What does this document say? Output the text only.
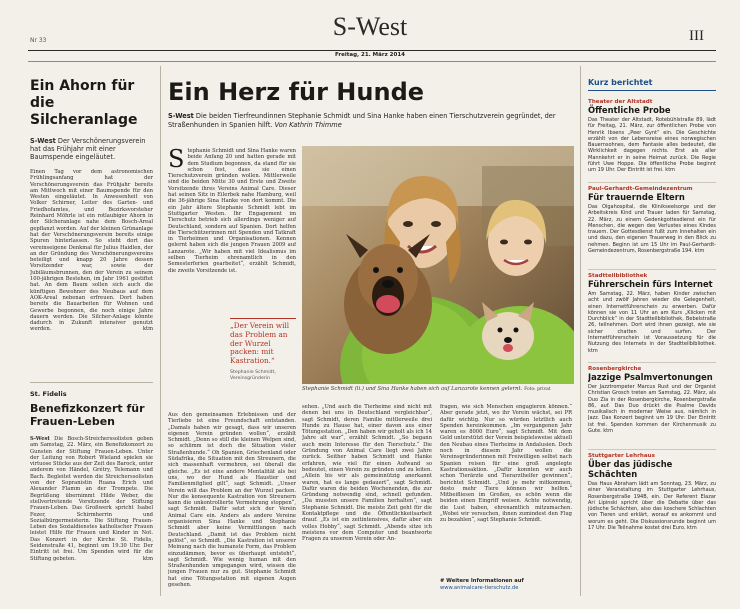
Nr 33	S-West	III
Freitag, 21. März 2014
Ein Ahorn für
die Silcheranlage
S-West Der Verschönerungsverein hat das Frühjahr mit einer Baumspende eingeläutet.
Einen Tag vor dem astronomischen Frühlingsanfang hat der Verschönerungsverein das Frühjahr bereits am Mittwoch mit einer Baumspende für den Westen eingeläutet. In Anwesenheit von Volker Schirner, Leiter des Garten- und Friedhofamtes, und Bezirksvorsteher Reinhard Möhrle ist ein rotlaubiger Ahorn in der Silcheranlage nahe dem Bosch-Areal gepflanzt worden. Auf der kleinen Grünanlage hat der Verschönerungsverein bereits einige Spuren hinterlassen. So steht dort das vereinseigene Denkmal für Julius Haidlen, der an der Gründung des Verschönerungsvereins beteiligt und knapp 20 Jahre dessen Vorsitzender war, sowie der Jubiläumsbrunnen, den der Verein zu seinem 100-jährigen Bestehen, im Jahr 1961 gestiftet hat. An dem Baum sollen sich auch die künftigen Bewohner des Neubaus auf dem AOK-Areal nebenan erfreuen. Dort haben bereits die Bauarbeiten für Wohnen und Gewerbe begonnen, die noch einige Jahre dauern werden. Die Silcher-Anlage könnte dadurch in Zukunft intensiver genutzt werden.	ktm
St. Fidelis
Benefizkonzert für
Frauen-Leben
S-West Die Bosch-Streicherssolisten geben am Samstag, 22. März, ein Benefizkonzert zu Gunsten der Stiftung Frauen-Leben. Unter der Leitung von Robert Wieland spielen sie virtuose Stücke aus der Zeit des Barock, unter anderem von Händel, Grétry, Telemann und Bach. Begleitet werden die Streicherssolisten von der Sopranistin Ruana Erich und Alexander Flamm an der Trompete. Die Begrüßung übernimmt Hilde Weber, die stellvertretende Vorsitzende der Stiftung Frauen-Leben. Das Großwerk spricht Isabel Fezer, Schirmherrin und Sozialbürgermeisterin. Die Stiftung Frauen-Leben des Sozialdienstes katholischer Frauen leistet Hilfe für Frauen und Kinder in Not. Das Konzert in der Kirche St. Fidelis, Seidenstraße 41, beginnt um 19.30 Uhr. Der Eintritt ist frei. Um Spenden wird für die Stiftung gebeten.	ktm
Ein Herz für Hunde
S-West Die beiden Tierfreundinnen Stephanie Schmidt und Sina Hanke haben einen Tierschutzverein gegründet, der Straßenhunden in Spanien hilft. Von Kathrin Thimme
S tephanie Schmidt und Sina Hanke waren beide Anfang 20 und hatten gerade mit dem Studium begonnen, da stand für sie schon fest, dass sie einen Tierschutzverein gründen wollen. Mittlerweile sind die beiden Mitte 30 und Erste und Zweite Vorsitzende ihres Vereins Animal Care. Dieser hat seinen Sitz in Eilerbek nahe Hamburg, weil die 36-jährige Sina Hanke von dort kommt. Die ein Jahr ältere Stephanie Schmidt lebt im Stuttgarter Westen. Ihr Engagement im Tierschutz betrieb sich allerdings weniger auf Deutschland, sondern auf Spanien. Dort helfen die Tierschützerinnen mit Spenden und Tatkraft in Tierheimen und Organisationen. Kennen gelernt haben sich die jungen Frauen 2009 auf Lanzarote. „Wir haben mit viel Idealismus im selben Tierheim ehrenamtlich in den Semesterferien gearbeitet“, erzählt Schmidt, die zweite Vorsitzende ist.
Stephanie Schmidt (li.) und Sina Hanke haben sich auf Lanzarote kennen gelernt. Foto: privat
„Der Verein will das Problem an der Wurzel packen: mit Kastration.“
Stephanie Schmidt, Vereinsgründerin
Aus den gemeinsamen Erlebnissen und der Tierliebe ist eine Freundschaft entstanden. „Damals haben wir gesagt, dass wir unseren eigenen Verein gründen wollen“, erzählt Schmidt. „Denn so still die kleinen Welpen sind, so schlimm ist doch die Situation vieler Straßenhunde.“ Oh Spanien, Griechenland oder Südafrika, die Situation mit den Streunern, die sich massenhaft vermehren, sei überall die gleiche. „Es ist eine andere Mentalität als bei uns, wo der Hund als Haustier und Familienmitglied gilt“, sagt Schmidt. „Unser Verein will das Problem an der Wurzel packen. Nur die konsequente Kastration von Streunern kann die unkontrollierte Vermehrung stoppen“, sagt Schmidt. Dafür setzt sich der Verein Animal Care ein. Anders als andere Vereine organisieren Sina Hanke und Stephanie Schmidt aber keine Vermittlungen nach Deutschland. „Damit ist das Problem nicht gelöst“, so Schmidt. „Die Kastration ist unserer Meinung nach die humanste Form, das Problem einzudämmen, bevor es überhaupt entsteht“, sagt Schmidt. Wie wenig human mit den Straßenhunden umgegangen wird, wissen die jungen Frauen nur zu gut. Stephanie Schmidt hat eine Tötungsstation mit eigenen Augen gesehen.
sehen. „Und auch die Tierheime sind nicht mit denen bei uns in Deutschland vergleichbar“, sagt Schmidt, deren Familie mittlerweile drei Hunde zu Hause hat, einer davon aus einer Tötungsstation. „Den haben wir geholt als ich 14 Jahre alt war“, erzählt Schmidt. „So begann auch mein Interesse für den Tierschutz.“ Die Gründung von Animal Care liegt zwei Jahre zurück. Seither haben Schmidt und Hanke erfahren, wie viel für einen Aufwand so bedeutet, einen Verein zu gründen und zu leiten. „Allein bis wir als gemeinnützig anerkannt waren, hat es lange gedauert“, sagt Schmidt. Dafür waren die beiden Wochenenden, die zur Gründung notwendig sind, schnell gefunden. „Da mussten unsere Familien herhalten“, sagt Stephanie Schmidt. Die meiste Zeit geht für die Kontaktpflege und die Öffentlichkeitsarbeit drauf. „Es ist ein zeitintensives, dafür aber ein volles Hobby“, sagt Schmidt. „Abends sitze ich meistens vor dem Computer und beantworte Fragen zu unserem Verein oder An-
fragen, wie sich Menschen engagieren können.“ Aber gerade jetzt, wo ihr Verein wächst, sei PR dafür wichtig. Nur so würden letztlich auch Spenden hereinkommen. „Im vergangenen Jahr waren es 8000 Euro“, sagt Schmidt. Mit dem Geld unterstützt der Verein beispielsweise aktuell den Neubau eines Tierheims in Andalusien. Doch noch in diesem Jahr wollen die Vereinsgründerinnen mit Freiwilligen selbst nach Spanien reisen für eine groß angelegte Kastrationsaktion. „Dafür konnten wir auch schon Tierärzte und Tierarzthelfer gewinnen“, berichtet Schmidt. „Und je mehr mitkommen, desto mehr Tiere können wir helfen.“ Mitbeifliesen im Großen, es schön wenn die beiden einen Eingriff weisen. Achte notwendig, die Lust haben, ehrenamtlich mitzumachen. „Wobei wir versuchen, ihnen zumindest den Flug zu bezahlen“, sagt Stephanie Schmidt.
# Weitere Informationen auf
www.animalcare-tierschutz.de
Kurz berichtet
Theater der Altstadt
Öffentliche Probe
Das Theater der Altstadt, Rotebühlstraße 89, lädt für Freitag, 21. März, zur öffentlichen Probe von Henrik Ibsens „Peer Gynt“ ein. Die Geschichte erzählt von der Lebensreise eines norwegischen Bauernsohnes, dem Fantasie alles bedeutet, die Wirklichkeit dagegen nichts. Erst als aller Mannkehrt er in seine Heimat zurück. Die Regie führt Uwe Hoppe. Die öffentliche Probe beginnt um 19 Uhr. Der Eintritt ist frei. ktm
Paul-Gerhardt-Gemeindezentrum
Für trauernde Eltern
Das Olgahospital, die Klinikseelsorge und der Arbeitskreis Kind und Trauer laden für Samstag, 22. März, zu einem Gedenkgottesdienst ein für Menschen, die wegen des Verlustes eines Kindes trauern. Der Gottesdienst fußt zum Innehalten ein und dazu, den eigenen Trauerweg in den Blick zu nehmen. Beginn ist um 15 Uhr im Paul-Gerhardt-Gemeindezentrum, Rosenbergstraße 194. ktm
Stadtteilbibliothek
Führerschein fürs Internet
Am Samstag, 22. März, haben Kinder zwischen acht und zwölf Jahren wieder die Gelegenheit, einen Internetführerschein zu erwerben. Dafür können sie von 11 Uhr an am Kurs „Klicken mit Durchblick“ in der Stadtteilbibliothek, Bebelstraße 26, teilnehmen. Dort wird ihnen gezeigt, wie sie sicher chatten und surfen. Der Internetführerschein ist Voraussetzung für die Nutzung des Internets in der Stadtteilbibliothek. ktm
Rosenbergkirche
Jazzige Psalmvertonungen
Der Jazztrompeter Marcus Rust und der Organist Christian Grosch treten am Samstag, 22. März, als Duo Zia in der Rosenbergkirche, Rosenbergstraße 86, auf. Das Duo drückt die Psalme Davids musikalisch in moderner Weise aus, nämlich in Jazz. Das Konzert beginnt um 19 Uhr. Der Eintritt ist frei. Spenden kommen der Kirchenmusik zu Gute. ktm
Stuttgarter Lehrhaus
Über das jüdische Schächten
Das Haus Abraham lädt am Sonntag, 23. März, zu einer Veranstaltung im Stuttgarter Lehrhaus, Rosenbergstraße 194B, ein. Der Referent Elazar Ari Lipinski spricht über die Debatte über das jüdische Schächten, also das koschere Schlachten von Tieren und erklärt, worauf es ankommt und worum es geht. Die Diskussionsrunde beginnt um 17 Uhr. Die Teilnahme kostet drei Euro. ktm
